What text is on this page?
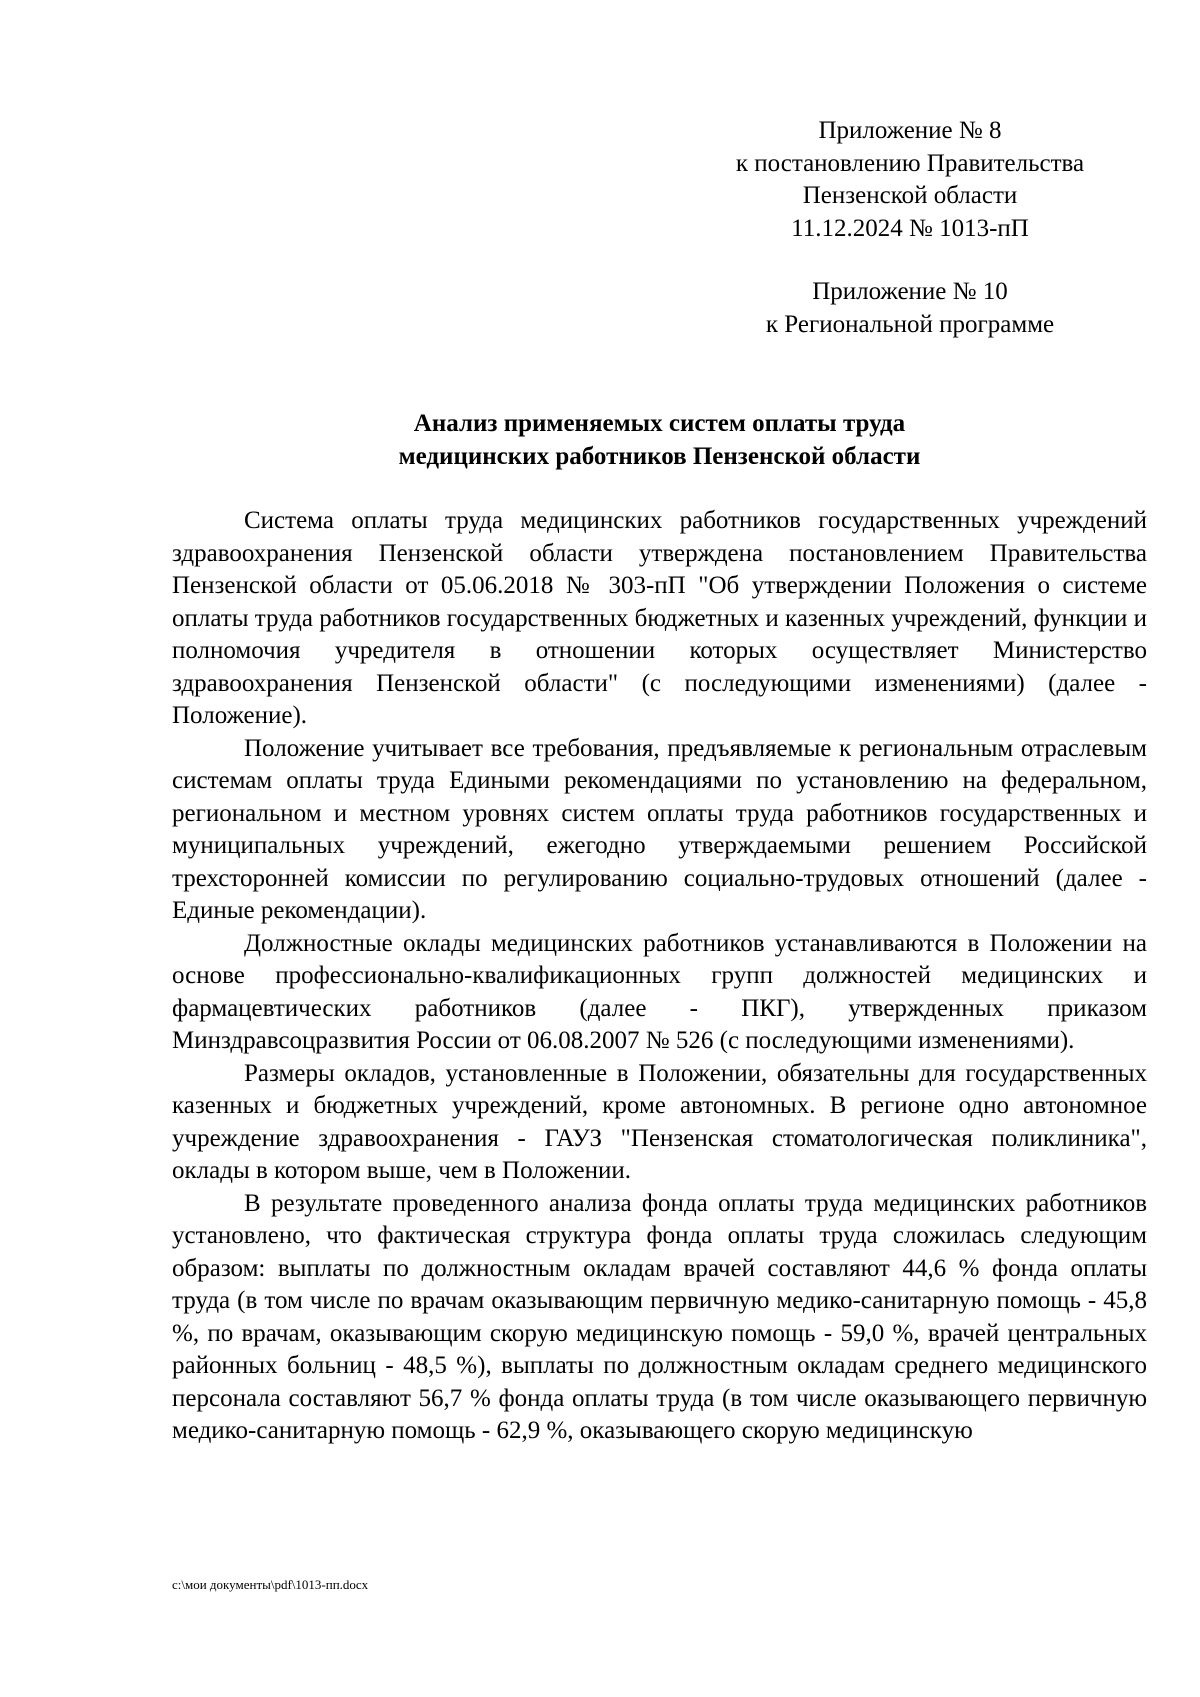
Приложение № 8
к постановлению Правительства
Пензенской области
11.12.2024 № 1013-пП
Приложение № 10
к Региональной программе
Анализ применяемых систем оплаты труда
медицинских работников Пензенской области

Система оплаты труда медицинских работников государственных учреждений здравоохранения Пензенской области утверждена постановлением Правительства Пензенской области от 05.06.2018 № 303-пП "Об утверждении Положения о системе оплаты труда работников государственных бюджетных и казенных учреждений, функции и полномочия учредителя в отношении которых осуществляет Министерство здравоохранения Пензенской области" (с последующими изменениями) (далее - Положение).

Положение учитывает все требования, предъявляемые к региональным отраслевым системам оплаты труда Едиными рекомендациями по установлению на федеральном, региональном и местном уровнях систем оплаты труда работников государственных и муниципальных учреждений, ежегодно утверждаемыми решением Российской трехсторонней комиссии по регулированию социально-трудовых отношений (далее - Единые рекомендации).

Должностные оклады медицинских работников устанавливаются в Положении на основе профессионально-квалификационных групп должностей медицинских и фармацевтических работников (далее - ПКГ), утвержденных приказом Минздравсоцразвития России от 06.08.2007 № 526 (с последующими изменениями).

Размеры окладов, установленные в Положении, обязательны для государственных казенных и бюджетных учреждений, кроме автономных. В регионе одно автономное учреждение здравоохранения - ГАУЗ "Пензенская стоматологическая поликлиника", оклады в котором выше, чем в Положении.

В результате проведенного анализа фонда оплаты труда медицинских работников установлено, что фактическая структура фонда оплаты труда сложилась следующим образом: выплаты по должностным окладам врачей составляют 44,6 % фонда оплаты труда (в том числе по врачам оказывающим первичную медико-санитарную помощь - 45,8 %, по врачам, оказывающим скорую медицинскую помощь - 59,0 %, врачей центральных районных больниц - 48,5 %), выплаты по должностным окладам среднего медицинского персонала составляют 56,7 % фонда оплаты труда (в том числе оказывающего первичную медико-санитарную помощь - 62,9 %, оказывающего скорую медицинскую

c:\мои документы\pdf\1013-пп.docx
